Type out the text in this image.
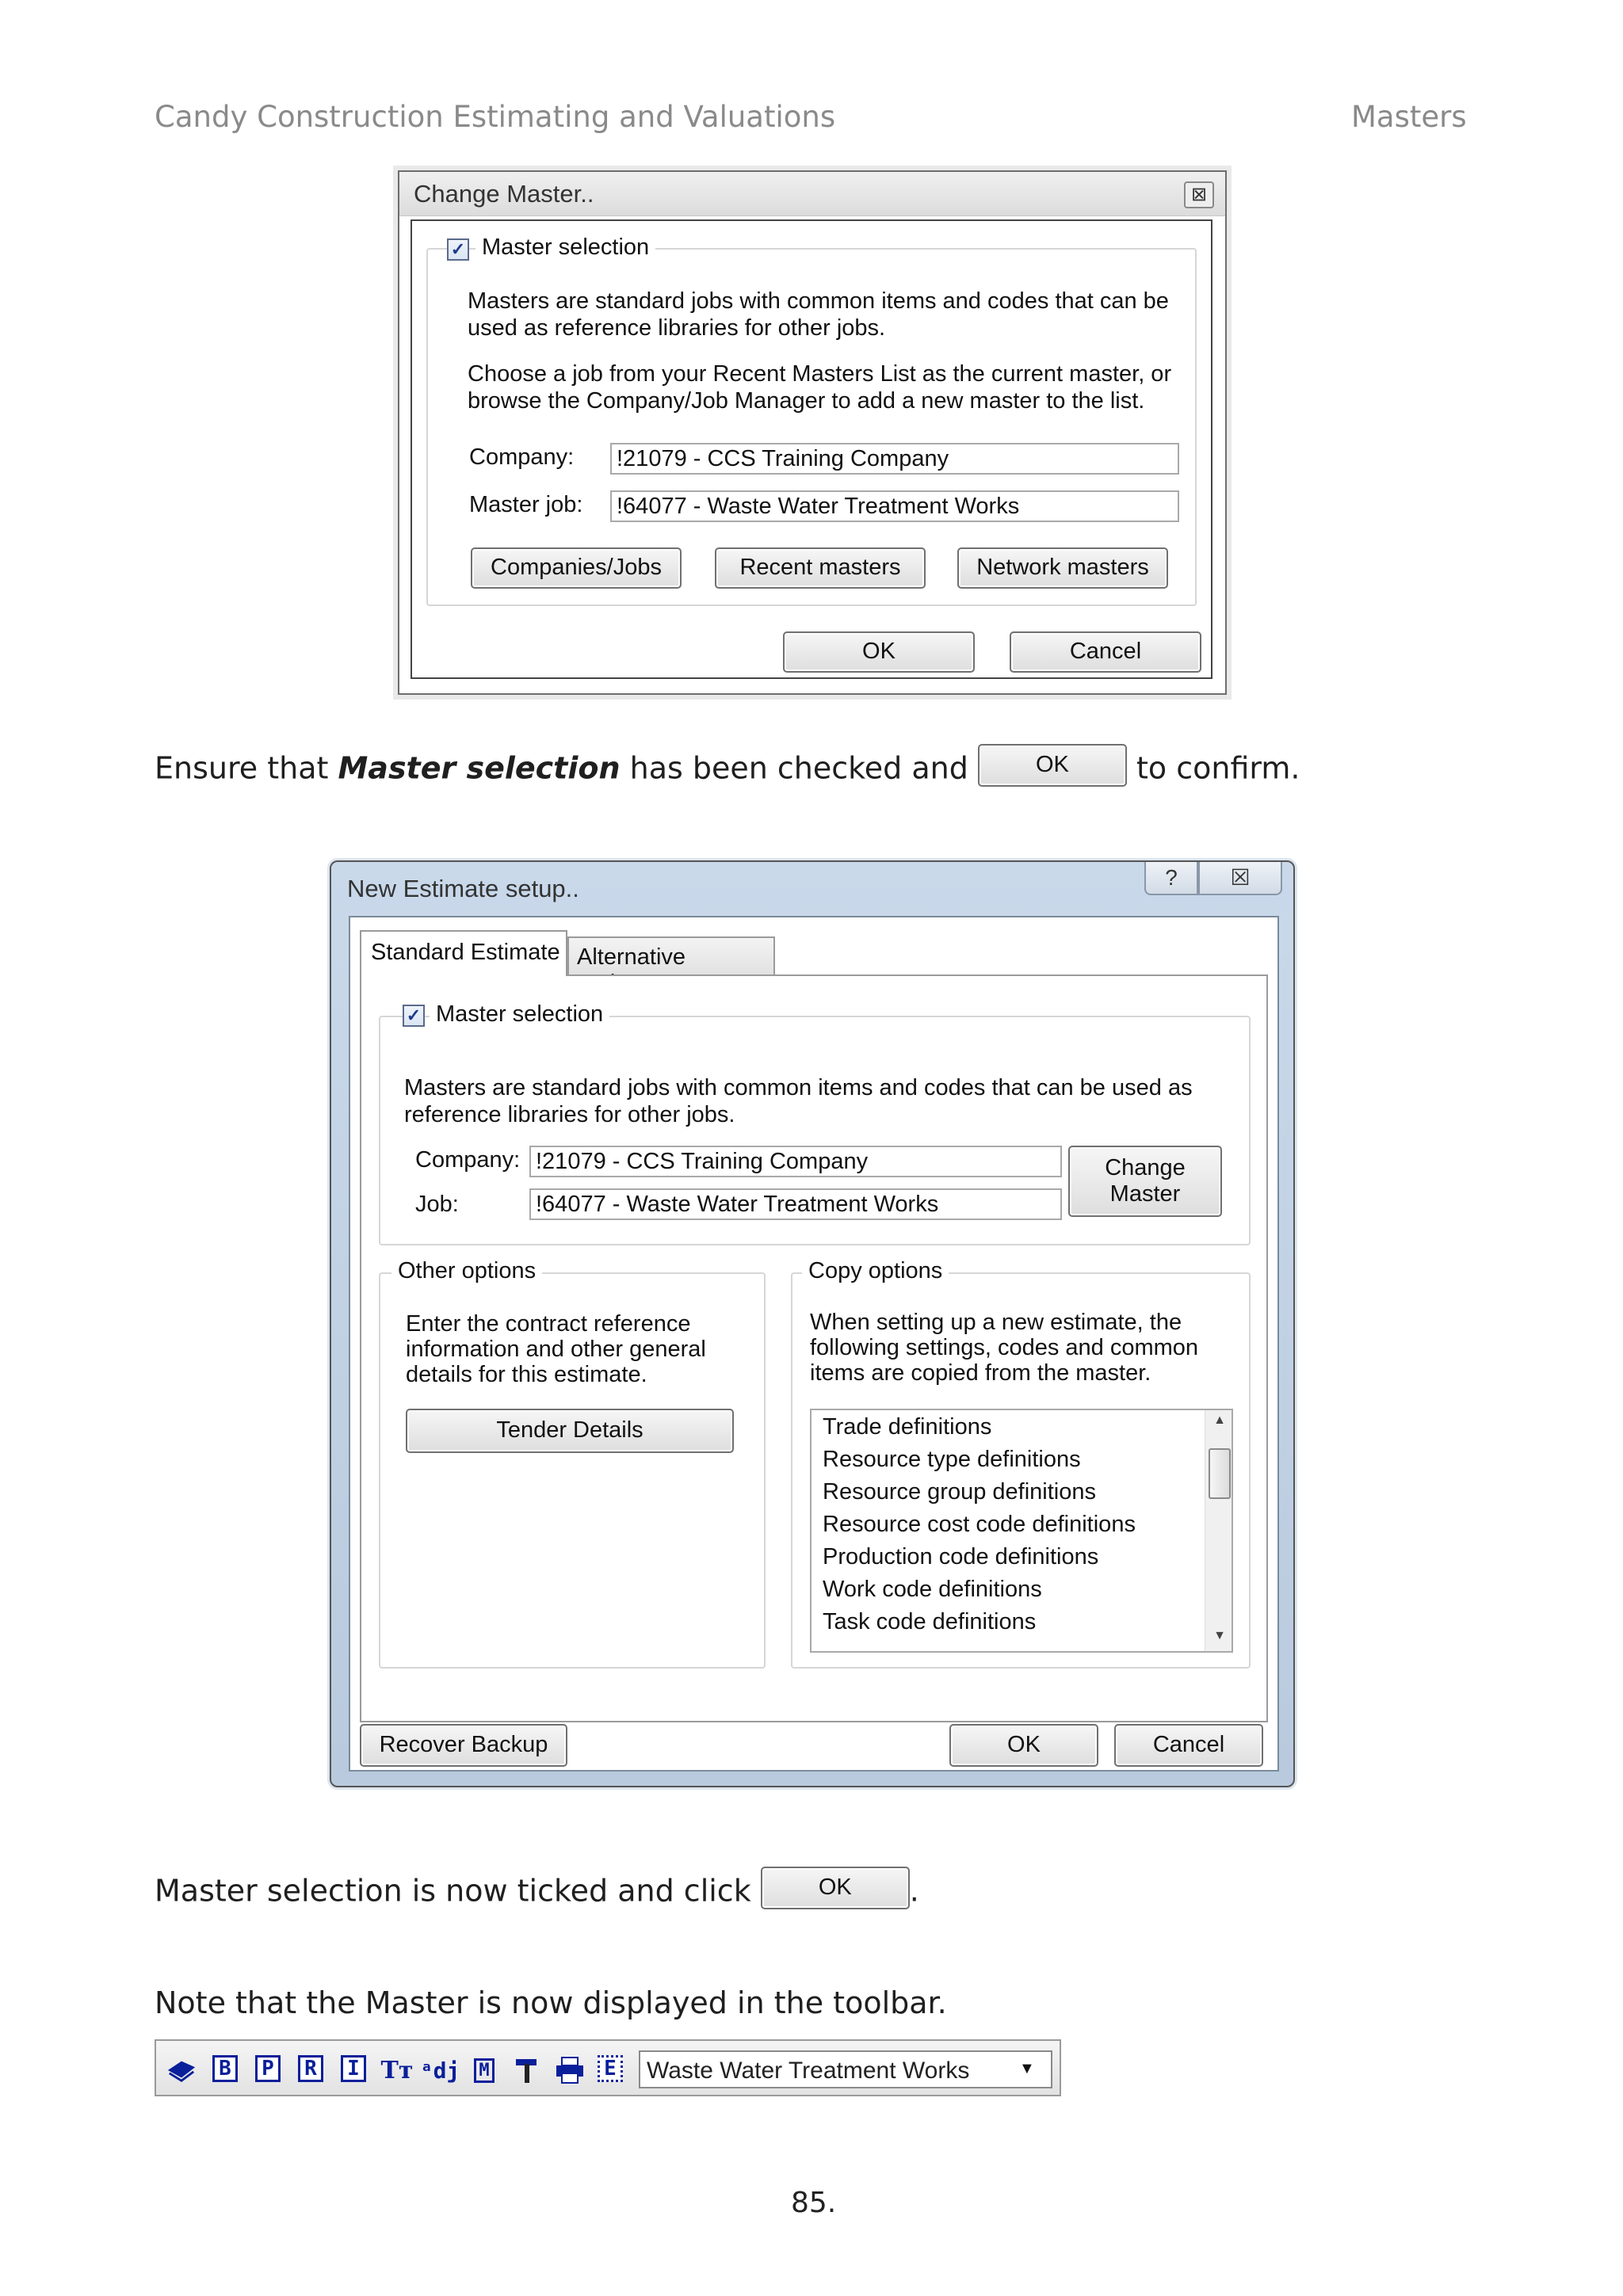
Candy Construction Estimating and Valuations	Masters
Change Master..	⊠
✓ Master selection
Masters are standard jobs with common items and codes that can be
used as reference libraries for other jobs.
Choose a job from your Recent Masters List as the current master, or
browse the Company/Job Manager to add a new master to the list.
Company: !21079 - CCS Training Company
Master job: !64077 - Waste Water Treatment Works
Companies/Jobs	Recent masters	Network masters
OK	Cancel
Ensure that Master selection has been checked and	OK to confirm.
New Estimate setup..	?	☒
Standard Estimate Alternative
✓ Master selection
Masters are standard jobs with common items and codes that can be used as
reference libraries for other jobs.
Company: !21079 - CCS Training Company
Job:	!64077 - Waste Water Treatment Works
Change
Master
Other options
Enter the contract reference
information and other general
details for this estimate.
Tender Details
Copy options
When setting up a new estimate, the
following settings, codes and common
items are copied from the master.
Trade definitions
Resource type definitions
Resource group definitions
Resource cost code definitions
Production code definitions
Work code definitions
Task code definitions
▲
▼
Recover Backup	OK	Cancel
Master selection is now ticked and click	OK .
Note that the Master is now displayed in the toolbar.
B	P	R	I Tт ᵃdj M	E Waste Water Treatment Works	▼
85.
